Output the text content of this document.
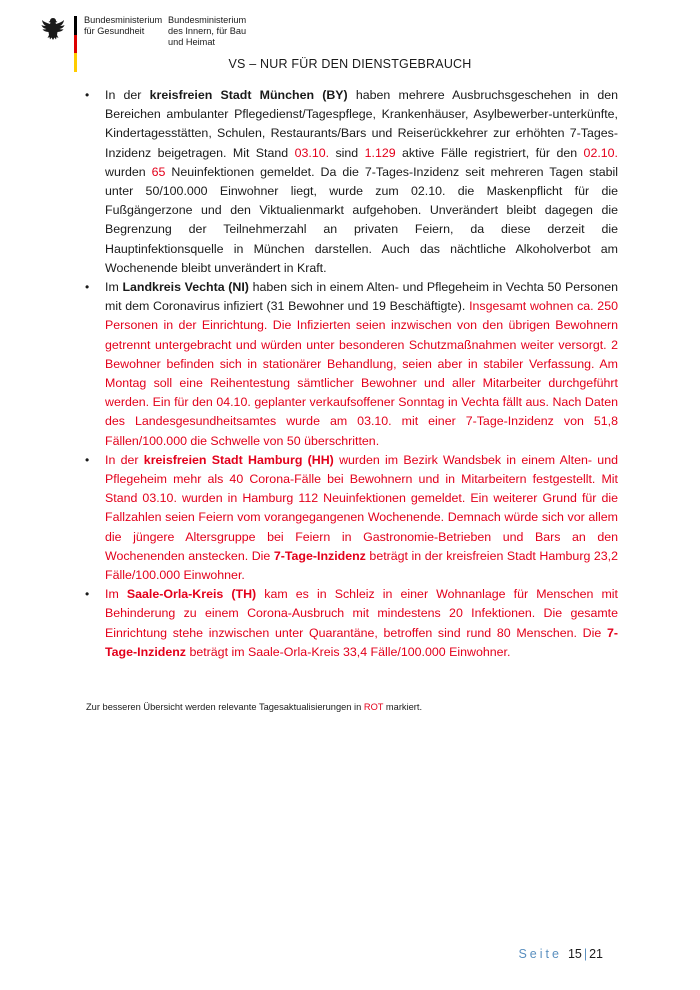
Bundesministerium
für Gesundheit
Bundesministerium
des Innern, für Bau
und Heimat
VS – NUR FÜR DEN DIENSTGEBRAUCH
• In der kreisfreien Stadt München (BY) haben mehrere Ausbruchsgeschehen in den Bereichen ambulanter Pflegedienst/Tagespflege, Krankenhäuser, Asylbewerber-unterkünfte, Kindertagesstätten, Schulen, Restaurants/Bars und Reiserückkehrer zur erhöhten 7-Tages-Inzidenz beigetragen. Mit Stand 03.10. sind 1.129 aktive Fälle registriert, für den 02.10. wurden 65 Neuinfektionen gemeldet. Da die 7-Tages-Inzidenz seit mehreren Tagen stabil unter 50/100.000 Einwohner liegt, wurde zum 02.10. die Maskenpflicht für die Fußgängerzone und den Viktualienmarkt aufgehoben. Unverändert bleibt dagegen die Begrenzung der Teilnehmerzahl an privaten Feiern, da diese derzeit die Hauptinfektionsquelle in München darstellen. Auch das nächtliche Alkoholverbot am Wochenende bleibt unverändert in Kraft.
• Im Landkreis Vechta (NI) haben sich in einem Alten- und Pflegeheim in Vechta 50 Personen mit dem Coronavirus infiziert (31 Bewohner und 19 Beschäftigte). Insgesamt wohnen ca. 250 Personen in der Einrichtung. Die Infizierten seien inzwischen von den übrigen Bewohnern getrennt untergebracht und würden unter besonderen Schutzmaßnahmen weiter versorgt. 2 Bewohner befinden sich in stationärer Behandlung, seien aber in stabiler Verfassung. Am Montag soll eine Reihentestung sämtlicher Bewohner und aller Mitarbeiter durchgeführt werden. Ein für den 04.10. geplanter verkaufsoffener Sonntag in Vechta fällt aus. Nach Daten des Landesgesundheitsamtes wurde am 03.10. mit einer 7-Tage-Inzidenz von 51,8 Fällen/100.000 die Schwelle von 50 überschritten.
• In der kreisfreien Stadt Hamburg (HH) wurden im Bezirk Wandsbek in einem Alten- und Pflegeheim mehr als 40 Corona-Fälle bei Bewohnern und in Mitarbeitern festgestellt. Mit Stand 03.10. wurden in Hamburg 112 Neuinfektionen gemeldet. Ein weiterer Grund für die Fallzahlen seien Feiern vom vorangegangenen Wochenende. Demnach würde sich vor allem die jüngere Altersgruppe bei Feiern in Gastronomie-Betrieben und Bars an den Wochenenden anstecken. Die 7-Tage-Inzidenz beträgt in der kreisfreien Stadt Hamburg 23,2 Fälle/100.000 Einwohner.
• Im Saale-Orla-Kreis (TH) kam es in Schleiz in einer Wohnanlage für Menschen mit Behinderung zu einem Corona-Ausbruch mit mindestens 20 Infektionen. Die gesamte Einrichtung stehe inzwischen unter Quarantäne, betroffen sind rund 80 Menschen. Die 7-Tage-Inzidenz beträgt im Saale-Orla-Kreis 33,4 Fälle/100.000 Einwohner.
Zur besseren Übersicht werden relevante Tagesaktualisierungen in ROT markiert.
Seite 15 | 21
